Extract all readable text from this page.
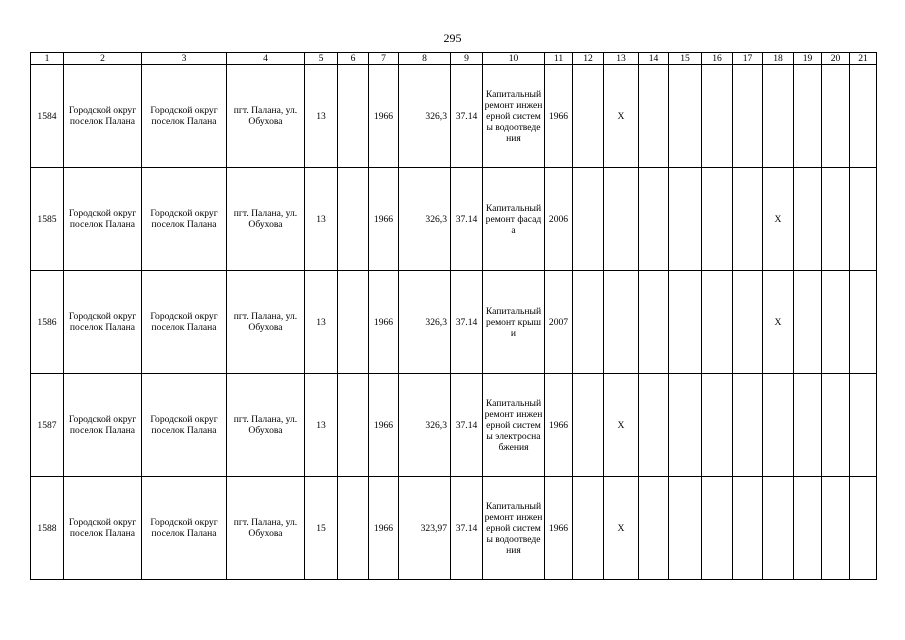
295
1	2	3	4	5	6	7	8	9	10	11	12	13	14	15	16	17	18	19	20	21
1584	Городской округ поселок Палана	Городской округ поселок Палана	пгт. Палана, ул. Обухова	13		1966	326,3	37.14	Капитальный ремонт инженерной системы водоотведения	1966		X								
1585	Городской округ поселок Палана	Городской округ поселок Палана	пгт. Палана, ул. Обухова	13		1966	326,3	37.14	Капитальный ремонт фасада	2006							X			
1586	Городской округ поселок Палана	Городской округ поселок Палана	пгт. Палана, ул. Обухова	13		1966	326,3	37.14	Капитальный ремонт крыши	2007							X			
1587	Городской округ поселок Палана	Городской округ поселок Палана	пгт. Палана, ул. Обухова	13		1966	326,3	37.14	Капитальный ремонт инженерной системы электроснабжения	1966		X								
1588	Городской округ поселок Палана	Городской округ поселок Палана	пгт. Палана, ул. Обухова	15		1966	323,97	37.14	Капитальный ремонт инженерной системы водоотведения	1966		X								
